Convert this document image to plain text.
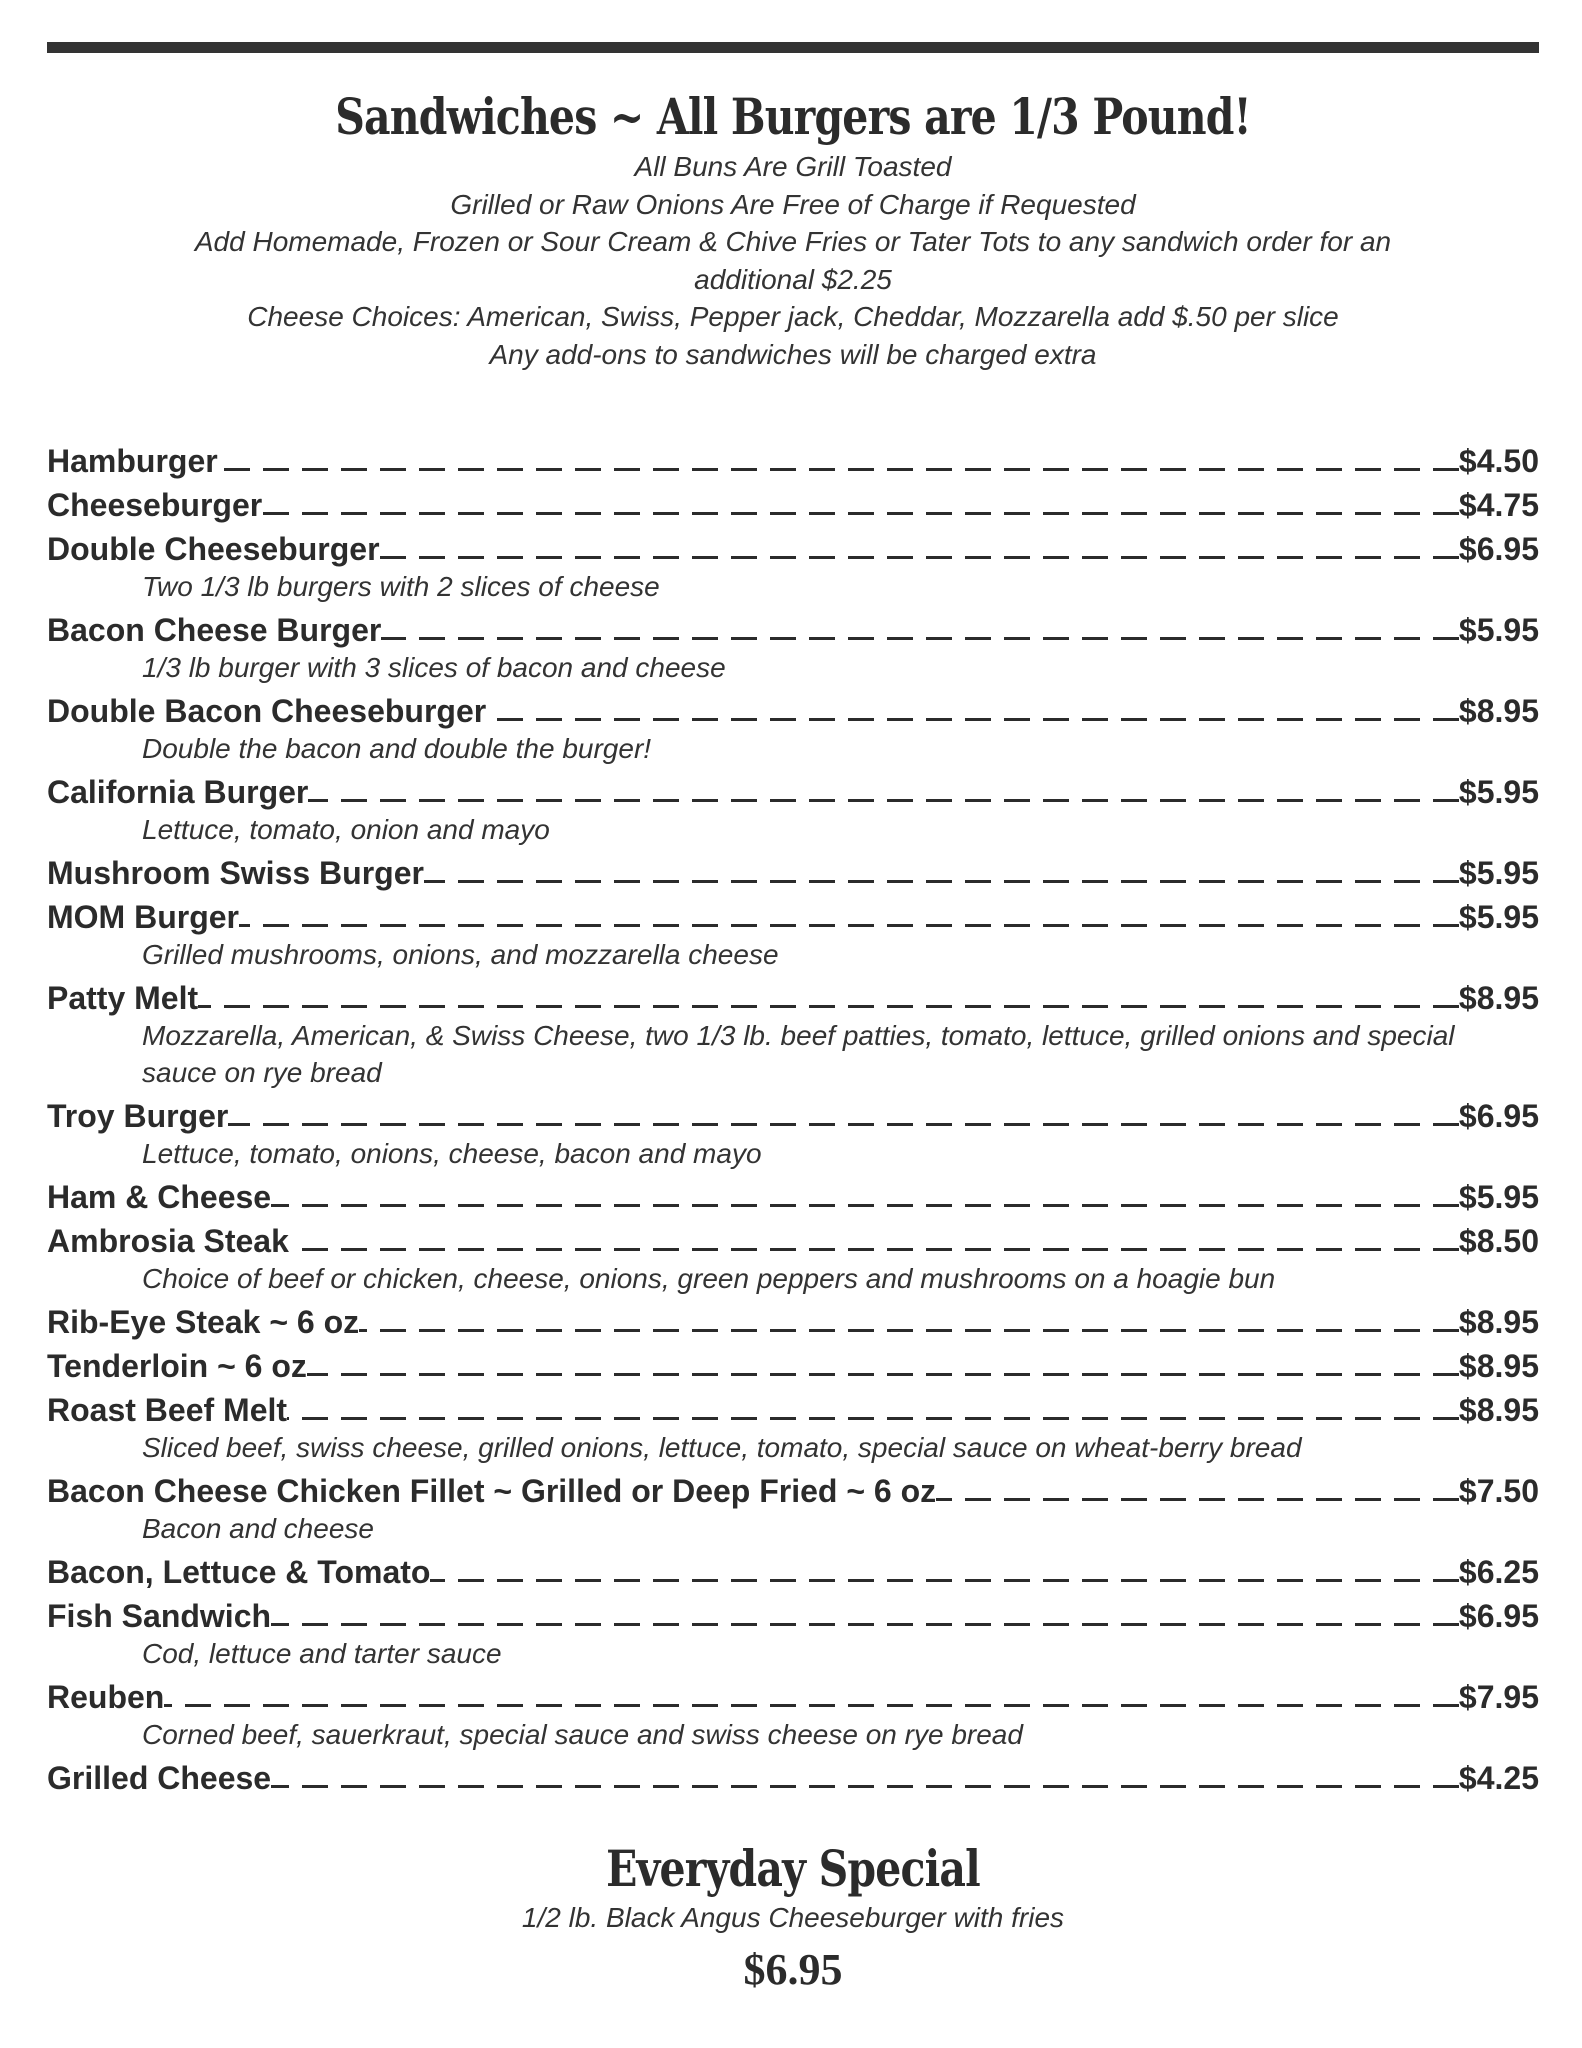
Sandwiches ~ All Burgers are 1/3 Pound!
All Buns Are Grill Toasted
Grilled or Raw Onions Are Free of Charge if Requested
Add Homemade, Frozen or Sour Cream & Chive Fries or Tater Tots to any sandwich order for an
additional $2.25
Cheese Choices: American, Swiss, Pepper jack, Cheddar, Mozzarella add $.50 per slice
Any add-ons to sandwiches will be charged extra
Hamburger	$4.50
Cheeseburger	$4.75
Double Cheeseburger	$6.95
Two 1/3 lb burgers with 2 slices of cheese
Bacon Cheese Burger	$5.95
1/3 lb burger with 3 slices of bacon and cheese
Double Bacon Cheeseburger	$8.95
Double the bacon and double the burger!
California Burger	$5.95
Lettuce, tomato, onion and mayo
Mushroom Swiss Burger	$5.95
MOM Burger	$5.95
Grilled mushrooms, onions, and mozzarella cheese
Patty Melt	$8.95
Mozzarella, American, & Swiss Cheese, two 1/3 lb. beef patties, tomato, lettuce, grilled onions and special sauce on rye bread
Troy Burger	$6.95
Lettuce, tomato, onions, cheese, bacon and mayo
Ham & Cheese	$5.95
Ambrosia Steak	$8.50
Choice of beef or chicken, cheese, onions, green peppers and mushrooms on a hoagie bun
Rib-Eye Steak ~ 6 oz	$8.95
Tenderloin ~ 6 oz	$8.95
Roast Beef Melt	$8.95
Sliced beef, swiss cheese, grilled onions, lettuce, tomato, special sauce on wheat-berry bread
Bacon Cheese Chicken Fillet ~ Grilled or Deep Fried ~ 6 oz	$7.50
Bacon and cheese
Bacon, Lettuce & Tomato	$6.25
Fish Sandwich	$6.95
Cod, lettuce and tarter sauce
Reuben	$7.95
Corned beef, sauerkraut, special sauce and swiss cheese on rye bread
Grilled Cheese	$4.25
Everyday Special
1/2 lb. Black Angus Cheeseburger with fries
$6.95
